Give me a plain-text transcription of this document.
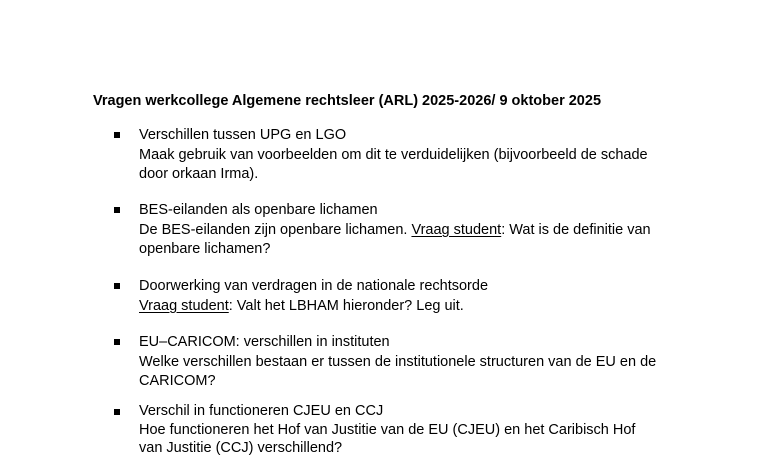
Vragen werkcollege Algemene rechtsleer (ARL) 2025-2026/ 9 oktober 2025
Verschillen tussen UPG en LGO
Maak gebruik van voorbeelden om dit te verduidelijken (bijvoorbeeld de schade
door orkaan Irma).
BES-eilanden als openbare lichamen
De BES-eilanden zijn openbare lichamen. Vraag student: Wat is de definitie van
openbare lichamen?
Doorwerking van verdragen in de nationale rechtsorde
Vraag student: Valt het LBHAM hieronder? Leg uit.
EU–CARICOM: verschillen in instituten
Welke verschillen bestaan er tussen de institutionele structuren van de EU en de
CARICOM?
Verschil in functioneren CJEU en CCJ
Hoe functioneren het Hof van Justitie van de EU (CJEU) en het Caribisch Hof
van Justitie (CCJ) verschillend?
